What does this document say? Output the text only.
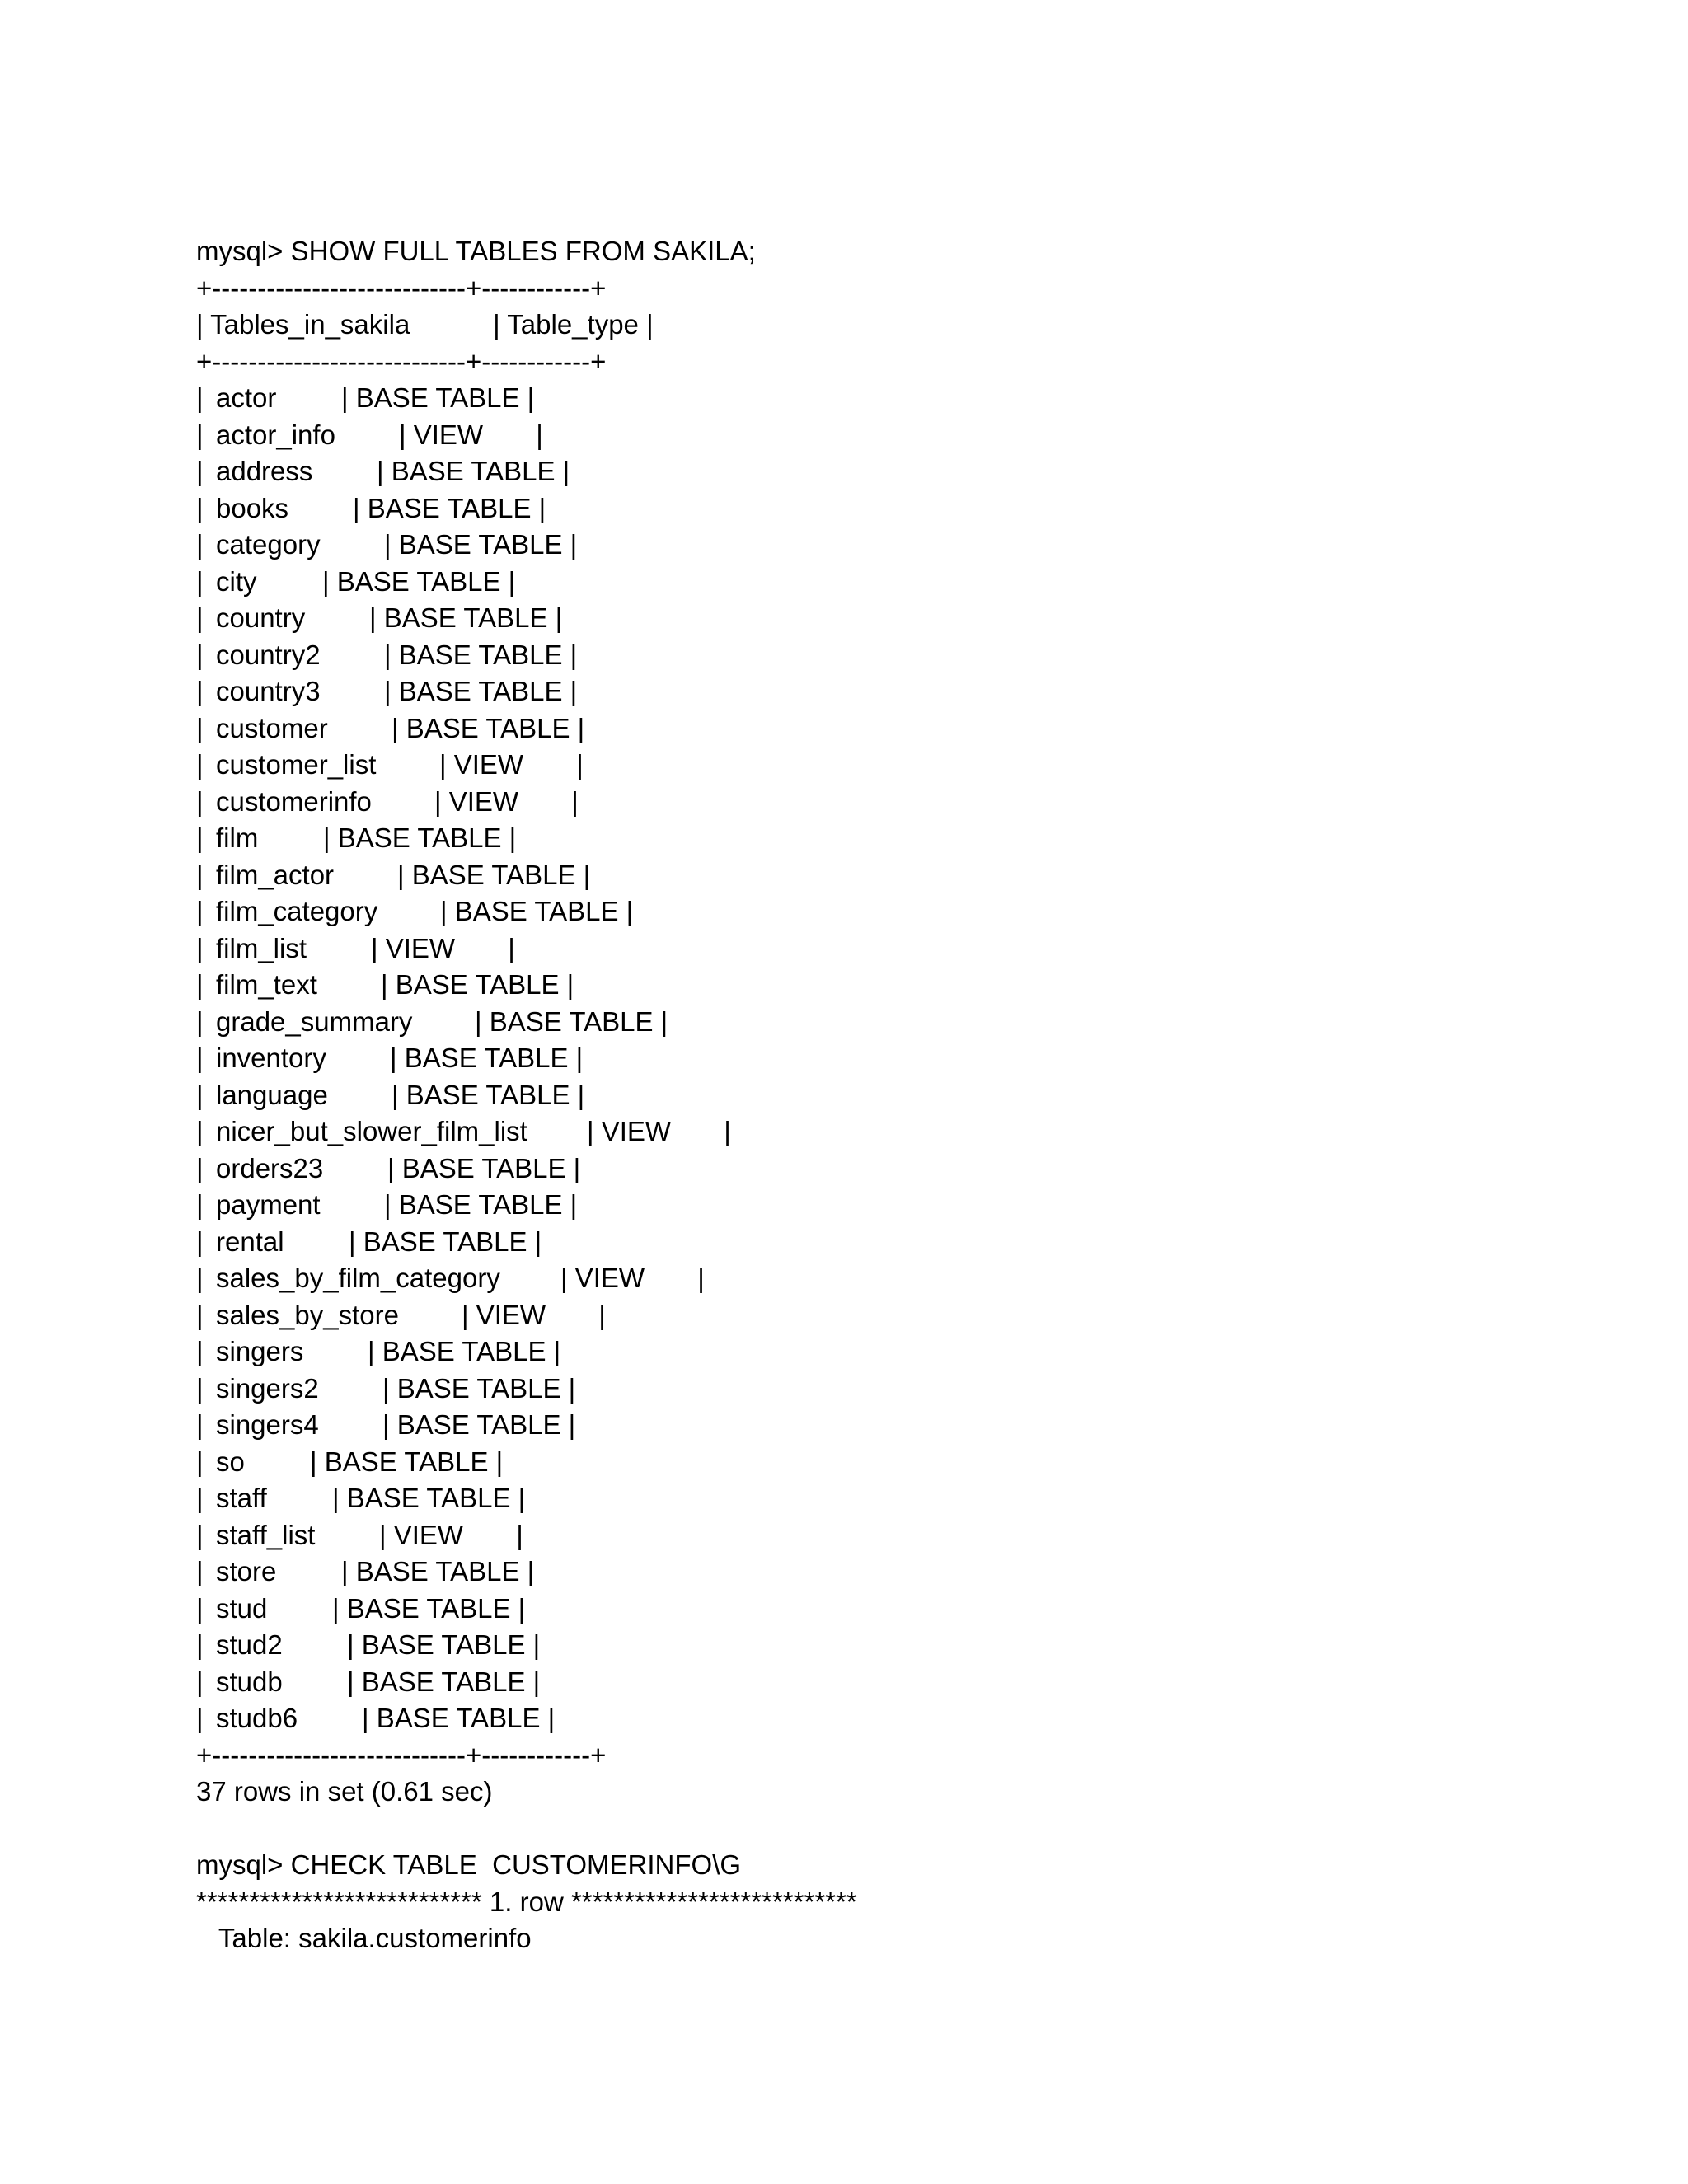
mysql> SHOW FULL TABLES FROM SAKILA;
+----------------------------+------------+
| Tables_in_sakila           | Table_type |
+----------------------------+------------+
| actor | BASE TABLE |
| actor_info | VIEW       |
| address | BASE TABLE |
| books | BASE TABLE |
| category | BASE TABLE |
| city | BASE TABLE |
| country | BASE TABLE |
| country2 | BASE TABLE |
| country3 | BASE TABLE |
| customer | BASE TABLE |
| customer_list | VIEW       |
| customerinfo | VIEW       |
| film | BASE TABLE |
| film_actor | BASE TABLE |
| film_category | BASE TABLE |
| film_list | VIEW       |
| film_text | BASE TABLE |
| grade_summary | BASE TABLE |
| inventory | BASE TABLE |
| language | BASE TABLE |
| nicer_but_slower_film_list | VIEW       |
| orders23 | BASE TABLE |
| payment | BASE TABLE |
| rental | BASE TABLE |
| sales_by_film_category | VIEW       |
| sales_by_store | VIEW       |
| singers | BASE TABLE |
| singers2 | BASE TABLE |
| singers4 | BASE TABLE |
| so | BASE TABLE |
| staff | BASE TABLE |
| staff_list | VIEW       |
| store | BASE TABLE |
| stud | BASE TABLE |
| stud2 | BASE TABLE |
| studb | BASE TABLE |
| studb6 | BASE TABLE |
+----------------------------+------------+
37 rows in set (0.61 sec)
mysql> CHECK TABLE  CUSTOMERINFO\G
*************************** 1. row ***************************
Table: sakila.customerinfo
